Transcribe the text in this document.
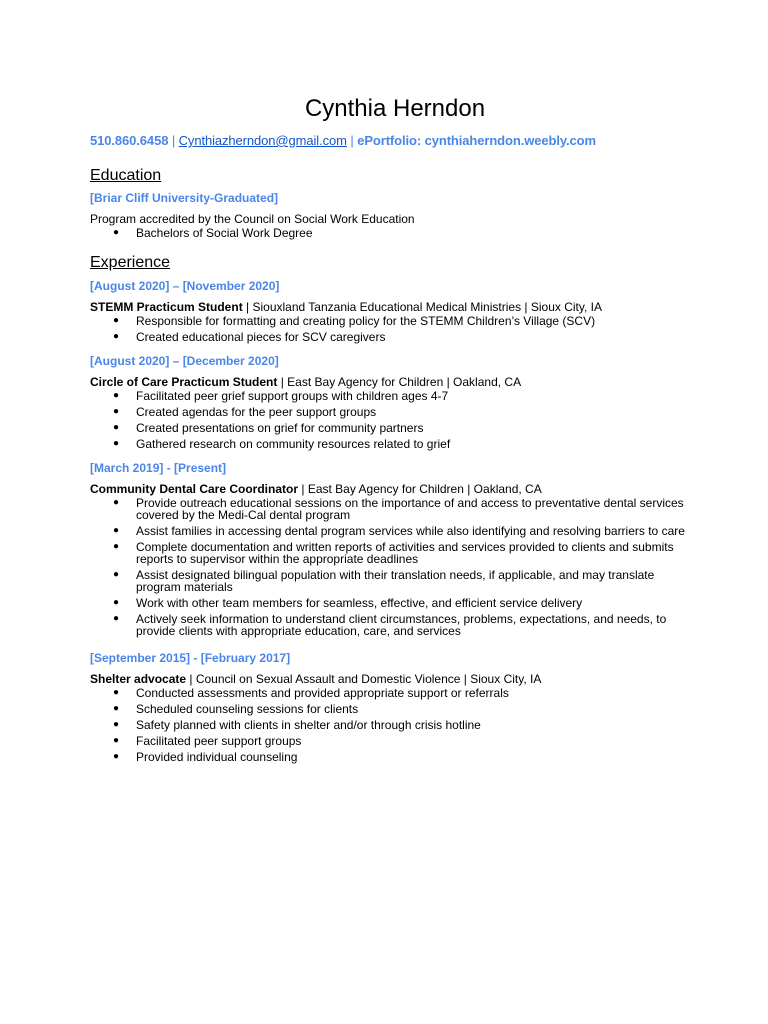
Cynthia Herndon
510.860.6458 | Cynthiazherndon@gmail.com | ePortfolio: cynthiaherndon.weebly.com
Education
[Briar Cliff University-Graduated]
Program accredited by the Council on Social Work Education
● Bachelors of Social Work Degree
Experience
[August 2020] – [November 2020]
STEMM Practicum Student | Siouxland Tanzania Educational Medical Ministries | Sioux City, IA
● Responsible for formatting and creating policy for the STEMM Children’s Village (SCV)
● Created educational pieces for SCV caregivers
[August 2020] – [December 2020]
Circle of Care Practicum Student | East Bay Agency for Children | Oakland, CA
● Facilitated peer grief support groups with children ages 4-7
● Created agendas for the peer support groups
● Created presentations on grief for community partners
● Gathered research on community resources related to grief
[March 2019] - [Present]
Community Dental Care Coordinator | East Bay Agency for Children | Oakland, CA
● Provide outreach educational sessions on the importance of and access to preventative dental services covered by the Medi-Cal dental program
● Assist families in accessing dental program services while also identifying and resolving barriers to care
● Complete documentation and written reports of activities and services provided to clients and submits reports to supervisor within the appropriate deadlines
● Assist designated bilingual population with their translation needs, if applicable, and may translate program materials
● Work with other team members for seamless, effective, and efficient service delivery
● Actively seek information to understand client circumstances, problems, expectations, and needs, to provide clients with appropriate education, care, and services
[September 2015] - [February 2017]
Shelter advocate | Council on Sexual Assault and Domestic Violence | Sioux City, IA
● Conducted assessments and provided appropriate support or referrals
● Scheduled counseling sessions for clients
● Safety planned with clients in shelter and/or through crisis hotline
● Facilitated peer support groups
● Provided individual counseling
